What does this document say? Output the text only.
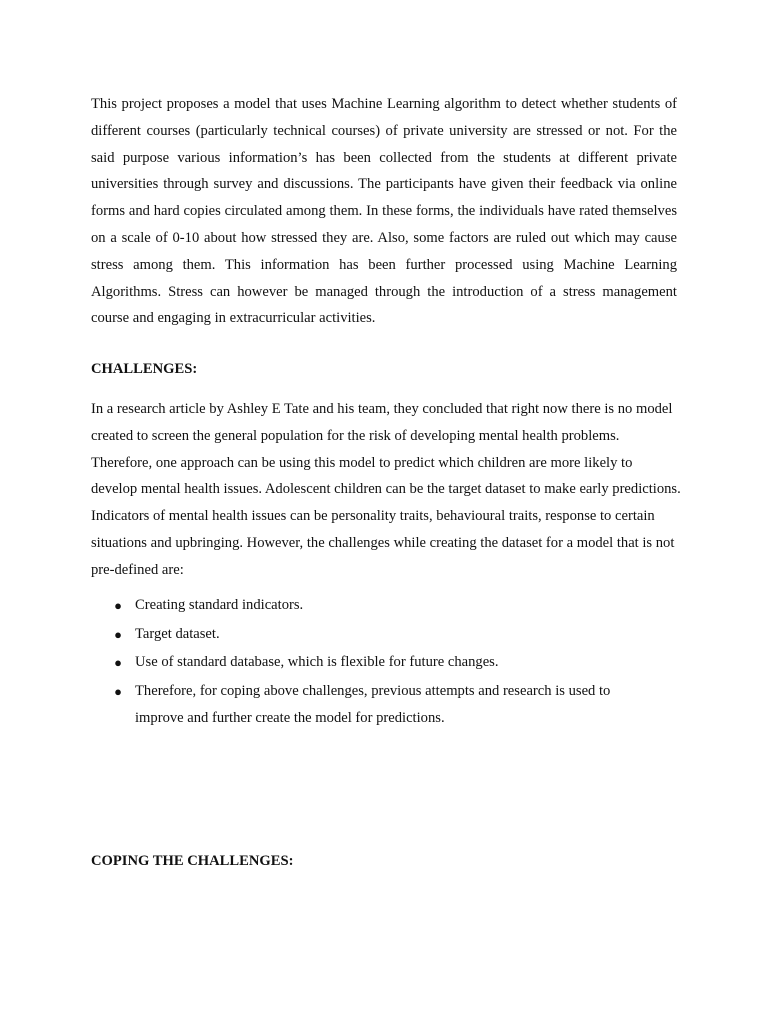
This project proposes a model that uses Machine Learning algorithm to detect whether students of different courses (particularly technical courses) of private university are stressed or not. For the said purpose various information’s has been collected from the students at different private universities through survey and discussions. The participants have given their feedback via online forms and hard copies circulated among them. In these forms, the individuals have rated themselves on a scale of 0-10 about how stressed they are. Also, some factors are ruled out which may cause stress among them. This information has been further processed using Machine Learning Algorithms. Stress can however be managed through the introduction of a stress management course and engaging in extracurricular activities.

CHALLENGES:

In a research article by Ashley E Tate and his team, they concluded that right now there is no model created to screen the general population for the risk of developing mental health problems. Therefore, one approach can be using this model to predict which children are more likely to develop mental health issues. Adolescent children can be the target dataset to make early predictions. Indicators of mental health issues can be personality traits, behavioural traits, response to certain situations and upbringing. However, the challenges while creating the dataset for a model that is not pre-defined are:

● Creating standard indicators.
● Target dataset.
● Use of standard database, which is flexible for future changes.
● Therefore, for coping above challenges, previous attempts and research is used to improve and further create the model for predictions.
COPING THE CHALLENGES:
